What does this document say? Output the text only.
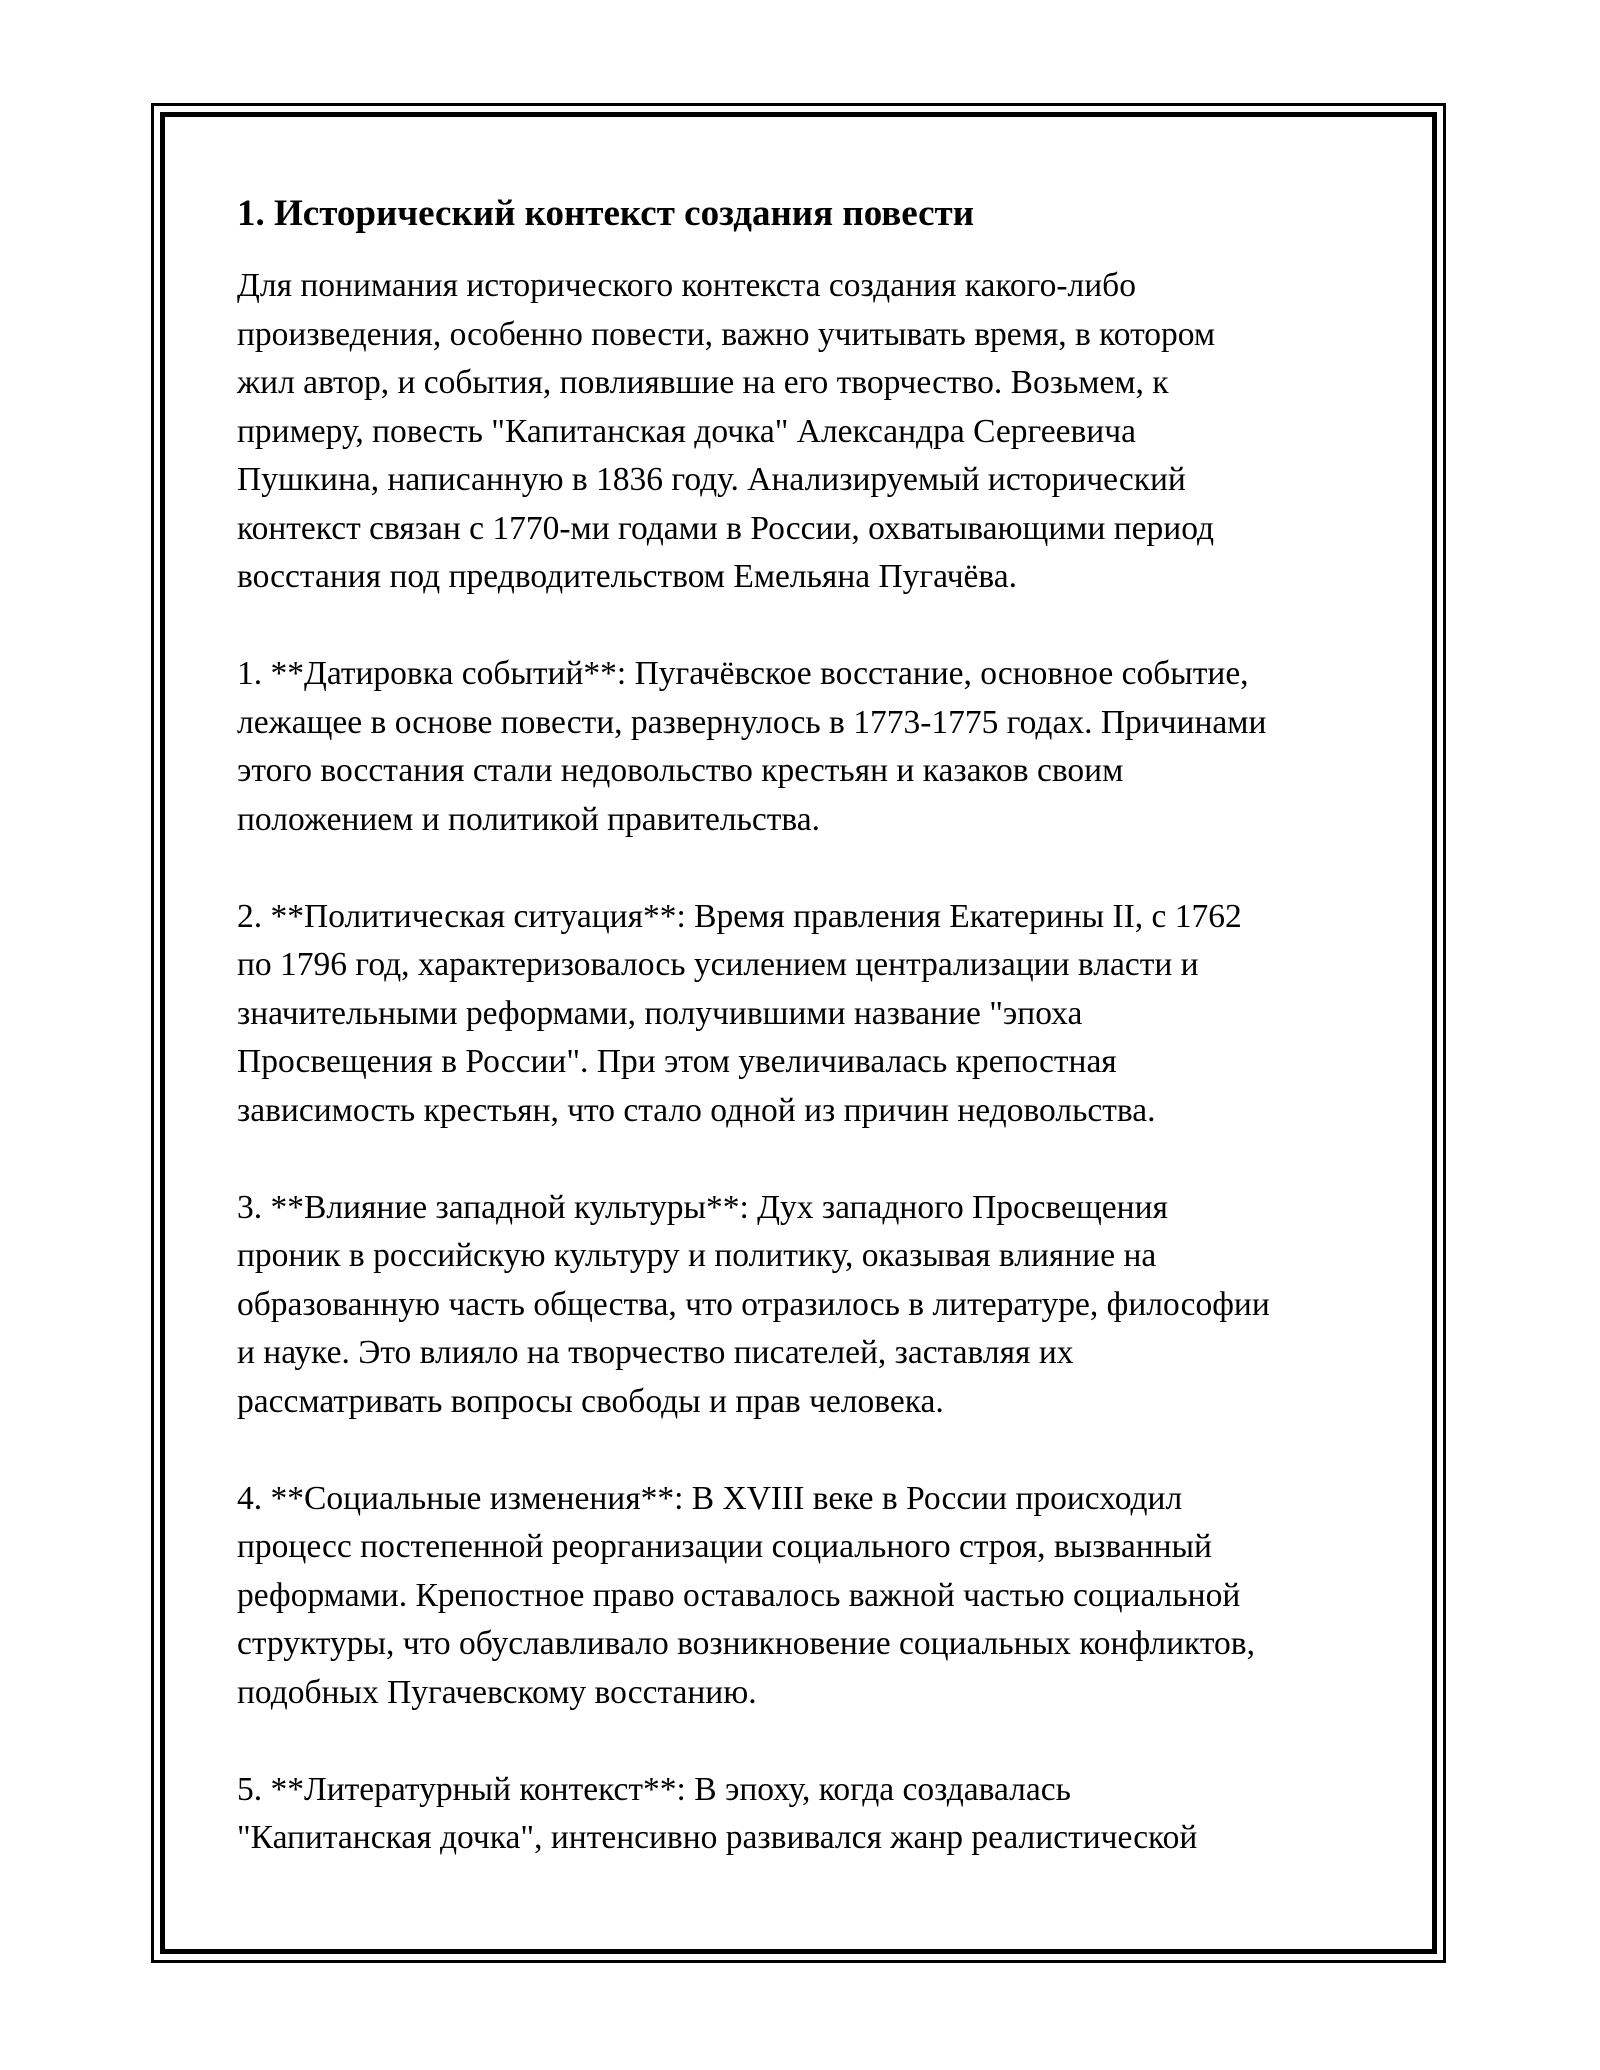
1. Исторический контекст создания повести

Для понимания исторического контекста создания какого-либо
произведения, особенно повести, важно учитывать время, в котором
жил автор, и события, повлиявшие на его творчество. Возьмем, к
примеру, повесть "Капитанская дочка" Александра Сергеевича
Пушкина, написанную в 1836 году. Анализируемый исторический
контекст связан с 1770-ми годами в России, охватывающими период
восстания под предводительством Емельяна Пугачёва.

1. **Датировка событий**: Пугачёвское восстание, основное событие,
лежащее в основе повести, развернулось в 1773-1775 годах. Причинами
этого восстания стали недовольство крестьян и казаков своим
положением и политикой правительства.

2. **Политическая ситуация**: Время правления Екатерины II, с 1762
по 1796 год, характеризовалось усилением централизации власти и
значительными реформами, получившими название "эпоха
Просвещения в России". При этом увеличивалась крепостная
зависимость крестьян, что стало одной из причин недовольства.

3. **Влияние западной культуры**: Дух западного Просвещения
проник в российскую культуру и политику, оказывая влияние на
образованную часть общества, что отразилось в литературе, философии
и науке. Это влияло на творчество писателей, заставляя их
рассматривать вопросы свободы и прав человека.

4. **Социальные изменения**: В XVIII веке в России происходил
процесс постепенной реорганизации социального строя, вызванный
реформами. Крепостное право оставалось важной частью социальной
структуры, что обуславливало возникновение социальных конфликтов,
подобных Пугачевскому восстанию.

5. **Литературный контекст**: В эпоху, когда создавалась
"Капитанская дочка", интенсивно развивался жанр реалистической
